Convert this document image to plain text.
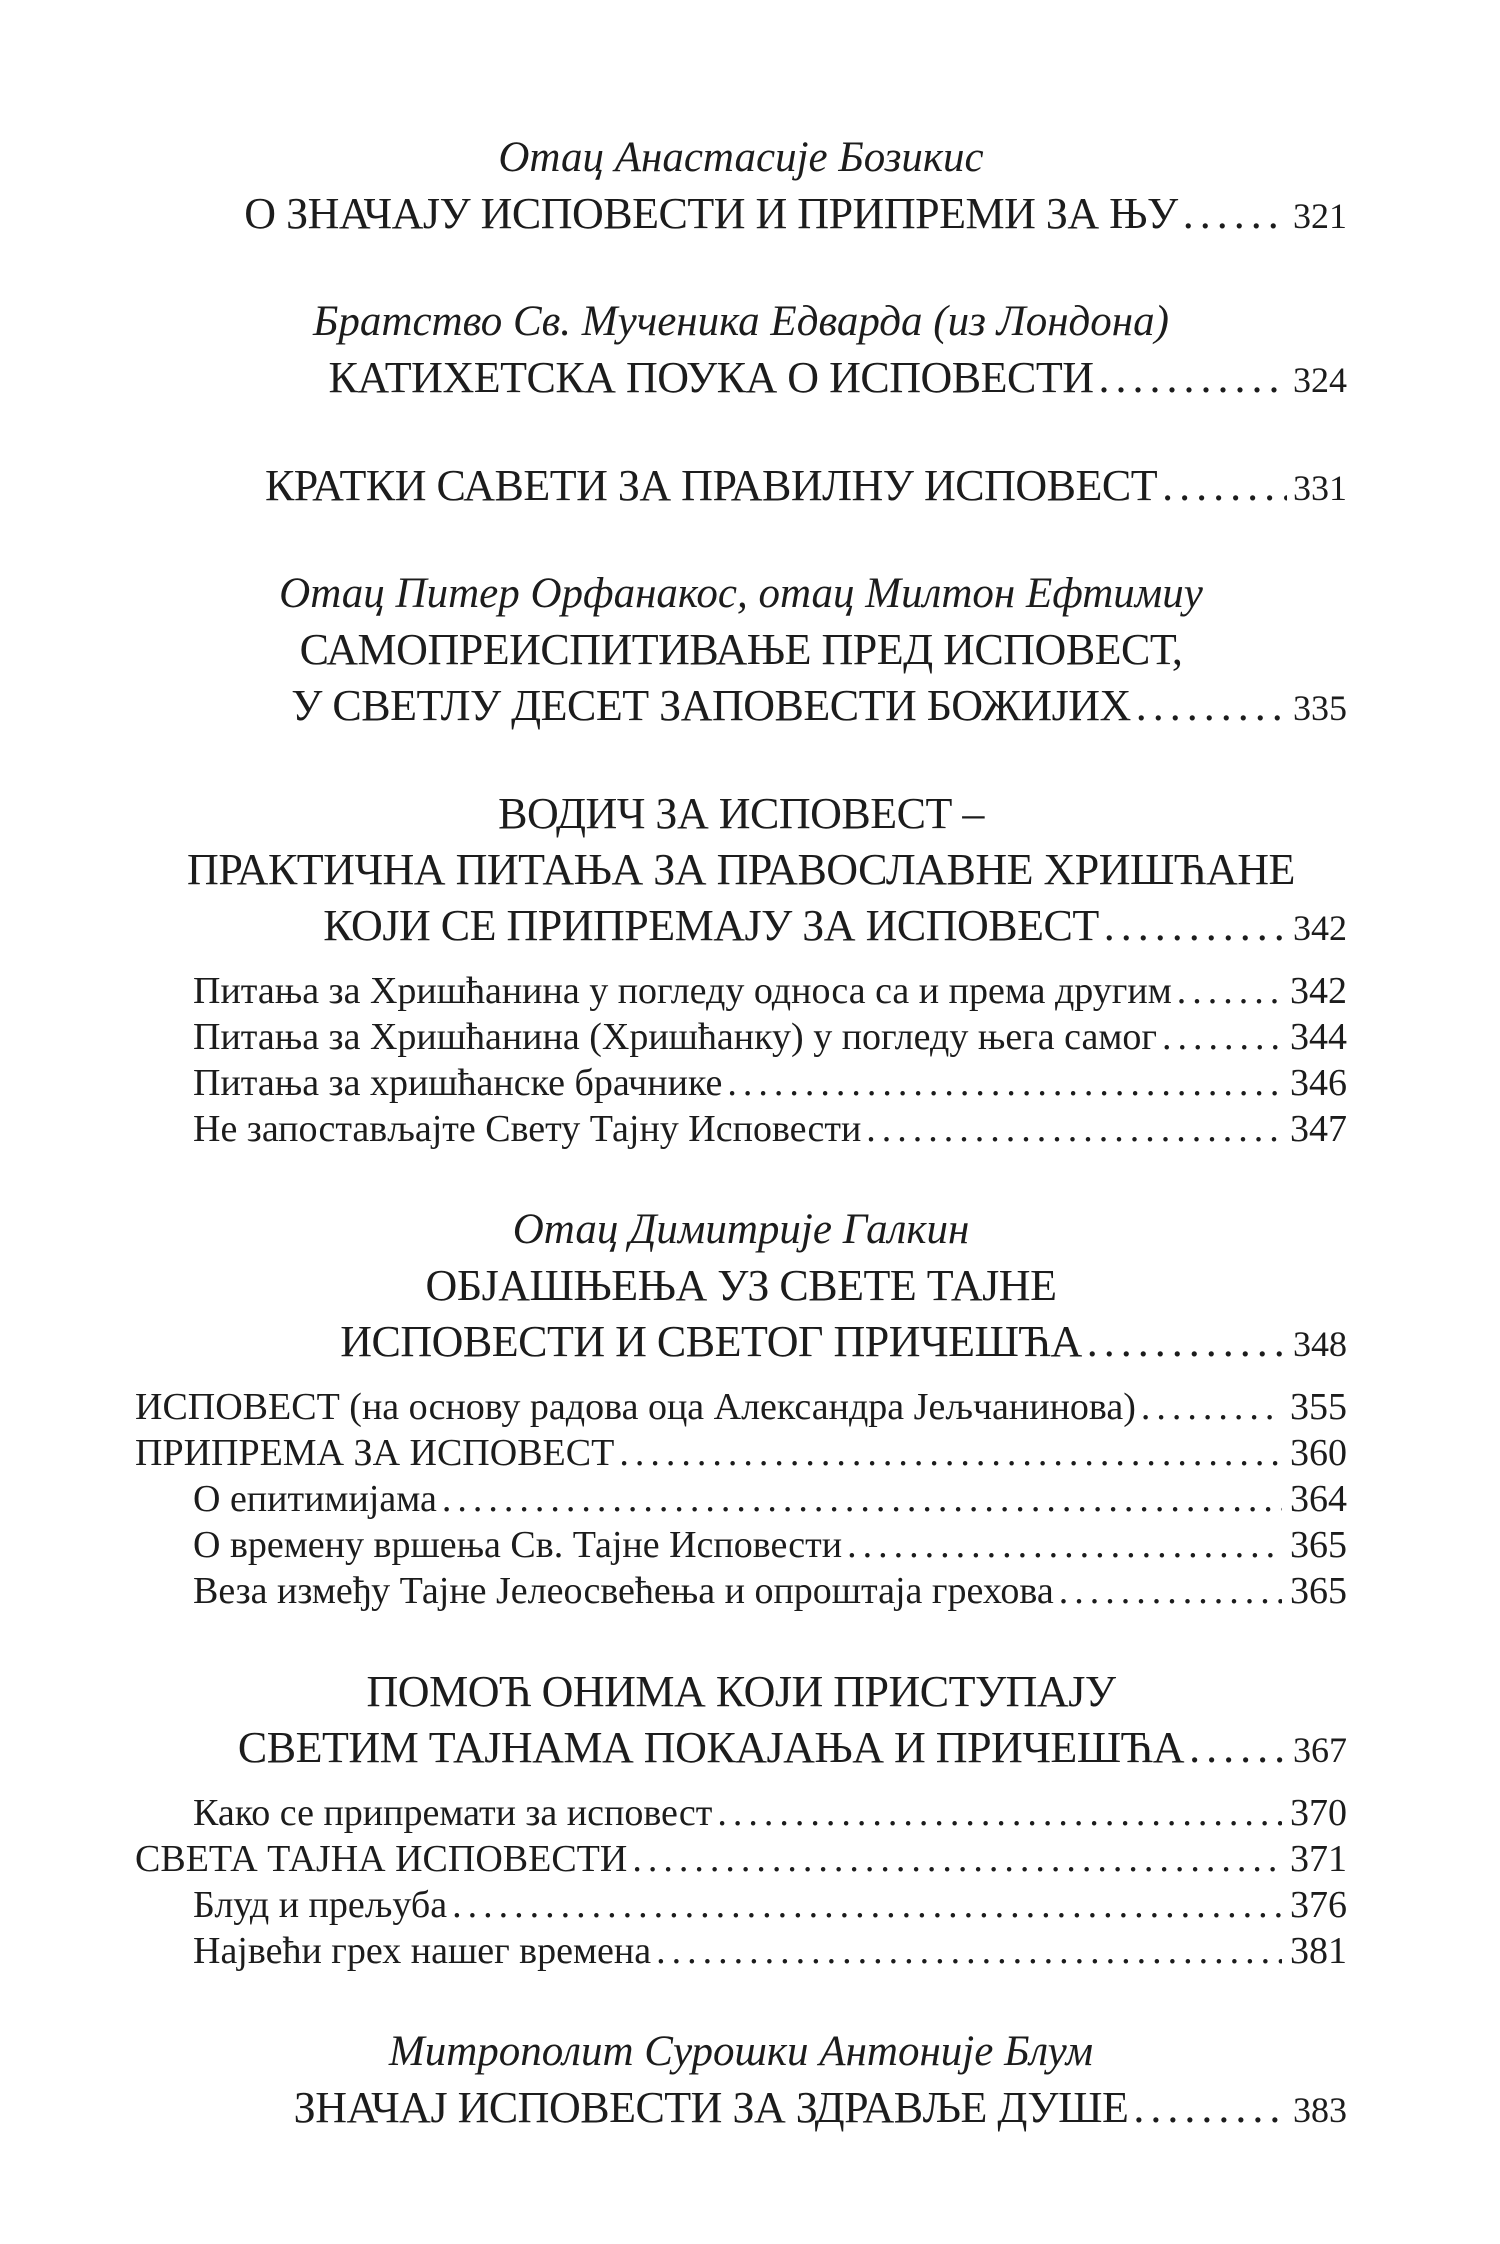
Отац Анастасије Бозикис
О ЗНАЧАЈУ ИСПОВЕСТИ И ПРИПРЕМИ ЗА ЊУ .....	321
Братство Св. Мученика Едварда (из Лондона)
КАТИХЕТСКА ПОУКА О ИСПОВЕСТИ .....	324
КРАТКИ САВЕТИ ЗА ПРАВИЛНУ ИСПОВЕСТ .....	331
Отац Питер Орфанакос, отац Милтон Ефтимиу
САМОПРЕИСПИТИВАЊЕ ПРЕД ИСПОВЕСТ,
У СВЕТЛУ ДЕСЕТ ЗАПОВЕСТИ БОЖИЈИХ .....	335
ВОДИЧ ЗА ИСПОВЕСТ –
ПРАКТИЧНА ПИТАЊА ЗА ПРАВОСЛАВНЕ ХРИШЋАНЕ
КОЈИ СЕ ПРИПРЕМАЈУ ЗА ИСПОВЕСТ .....	342
Питања за Хришћанина у погледу односа са и према другим .....	342
Питања за Хришћанина (Хришћанку) у погледу њега самог .....	344
Питања за хришћанске брачнике .....	346
Не запостављајте Свету Тајну Исповести .....	347
Отац Димитрије Галкин
ОБЈАШЊЕЊА УЗ СВЕТЕ ТАЈНЕ
ИСПОВЕСТИ И СВЕТОГ ПРИЧЕШЋА .....	348
ИСПОВЕСТ (на основу радова оца Александра Јељчанинова) .....	355
ПРИПРЕМА ЗА ИСПОВЕСТ .....	360
О епитимијама .....	364
О времену вршења Св. Тајне Исповести .....	365
Веза између Тајне Јелеосвећења и опроштаја грехова .....	365
ПОМОЋ ОНИМА КОЈИ ПРИСТУПАЈУ
СВЕТИМ ТАЈНАМА ПОКАЈАЊА И ПРИЧЕШЋА .....	367
Како се припремати за исповест .....	370
СВЕТА ТАЈНА ИСПОВЕСТИ .....	371
Блуд и прељуба .....	376
Највећи грех нашег времена .....	381
Митрополит Сурошки Антоније Блум
ЗНАЧАЈ ИСПОВЕСТИ ЗА ЗДРАВЉЕ ДУШЕ .....	383
